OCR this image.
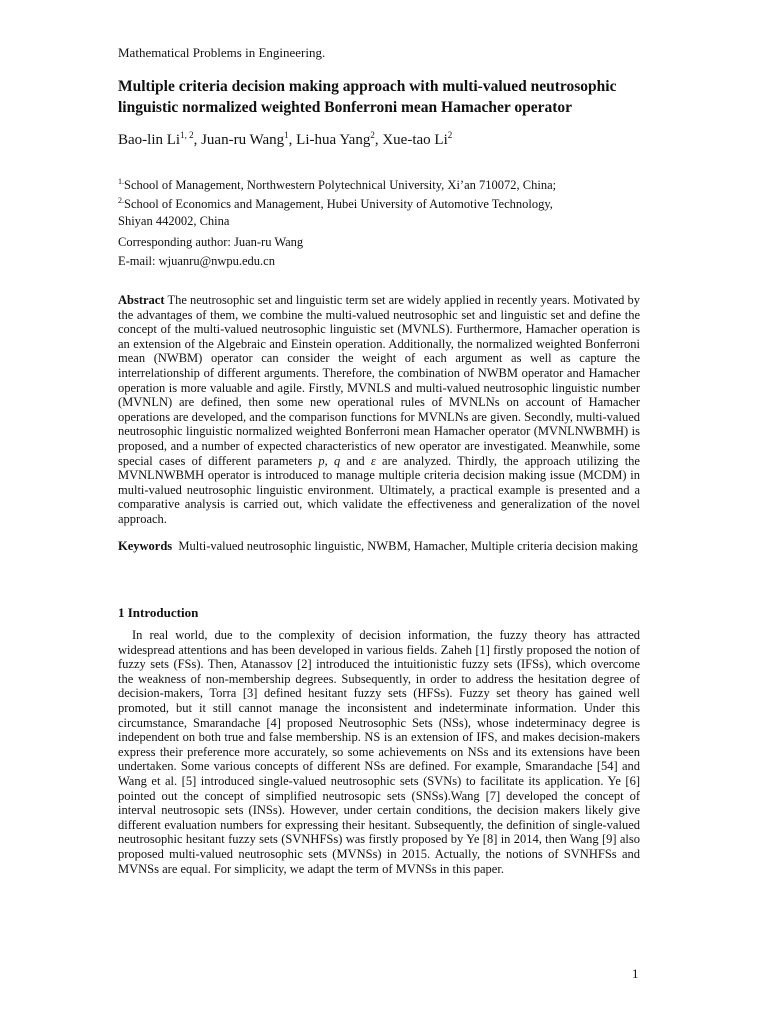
Mathematical Problems in Engineering.
Multiple criteria decision making approach with multi-valued neutrosophic linguistic normalized weighted Bonferroni mean Hamacher operator
Bao-lin Li$^{1, 2}$, Juan-ru Wang$^1$, Li-hua Yang$^2$, Xue-tao Li$^2$
$^{1.}$School of Management, Northwestern Polytechnical University, Xi’an 710072, China;
$^{2.}$School of Economics and Management, Hubei University of Automotive Technology,
Shiyan 442002, China
Corresponding author: Juan-ru Wang
E-mail: wjuanru@nwpu.edu.cn

Abstract The neutrosophic set and linguistic term set are widely applied in recently years. Motivated by the advantages of them, we combine the multi-valued neutrosophic set and linguistic set and define the concept of the multi-valued neutrosophic linguistic set (MVNLS). Furthermore, Hamacher operation is an extension of the Algebraic and Einstein operation. Additionally, the normalized weighted Bonferroni mean (NWBM) operator can consider the weight of each argument as well as capture the interrelationship of different arguments. Therefore, the combination of NWBM operator and Hamacher operation is more valuable and agile. Firstly, MVNLS and multi-valued neutrosophic linguistic number (MVNLN) are defined, then some new operational rules of MVNLNs on account of Hamacher operations are developed, and the comparison functions for MVNLNs are given. Secondly, multi-valued neutrosophic linguistic normalized weighted Bonferroni mean Hamacher operator (MVNLNWBMH) is proposed, and a number of expected characteristics of new operator are investigated. Meanwhile, some special cases of different parameters p, q and ε are analyzed. Thirdly, the approach utilizing the MVNLNWBMH operator is introduced to manage multiple criteria decision making issue (MCDM) in multi-valued neutrosophic linguistic environment. Ultimately, a practical example is presented and a comparative analysis is carried out, which validate the effectiveness and generalization of the novel approach.

Keywords Multi-valued neutrosophic linguistic, NWBM, Hamacher, Multiple criteria decision making
1 Introduction

In real world, due to the complexity of decision information, the fuzzy theory has attracted widespread attentions and has been developed in various fields. Zaheh [1] firstly proposed the notion of fuzzy sets (FSs). Then, Atanassov [2] introduced the intuitionistic fuzzy sets (IFSs), which overcome the weakness of non-membership degrees. Subsequently, in order to address the hesitation degree of decision-makers, Torra [3] defined hesitant fuzzy sets (HFSs). Fuzzy set theory has gained well promoted, but it still cannot manage the inconsistent and indeterminate information. Under this circumstance, Smarandache [4] proposed Neutrosophic Sets (NSs), whose indeterminacy degree is independent on both true and false membership. NS is an extension of IFS, and makes decision-makers express their preference more accurately, so some achievements on NSs and its extensions have been undertaken. Some various concepts of different NSs are defined. For example, Smarandache [54] and Wang et al. [5] introduced single-valued neutrosophic sets (SVNs) to facilitate its application. Ye [6] pointed out the concept of simplified neutrosopic sets (SNSs).Wang [7] developed the concept of interval neutrosopic sets (INSs). However, under certain conditions, the decision makers likely give different evaluation numbers for expressing their hesitant. Subsequently, the definition of single-valued neutrosophic hesitant fuzzy sets (SVNHFSs) was firstly proposed by Ye [8] in 2014, then Wang [9] also proposed multi-valued neutrosophic sets (MVNSs) in 2015. Actually, the notions of SVNHFSs and MVNSs are equal. For simplicity, we adapt the term of MVNSs in this paper.

1
